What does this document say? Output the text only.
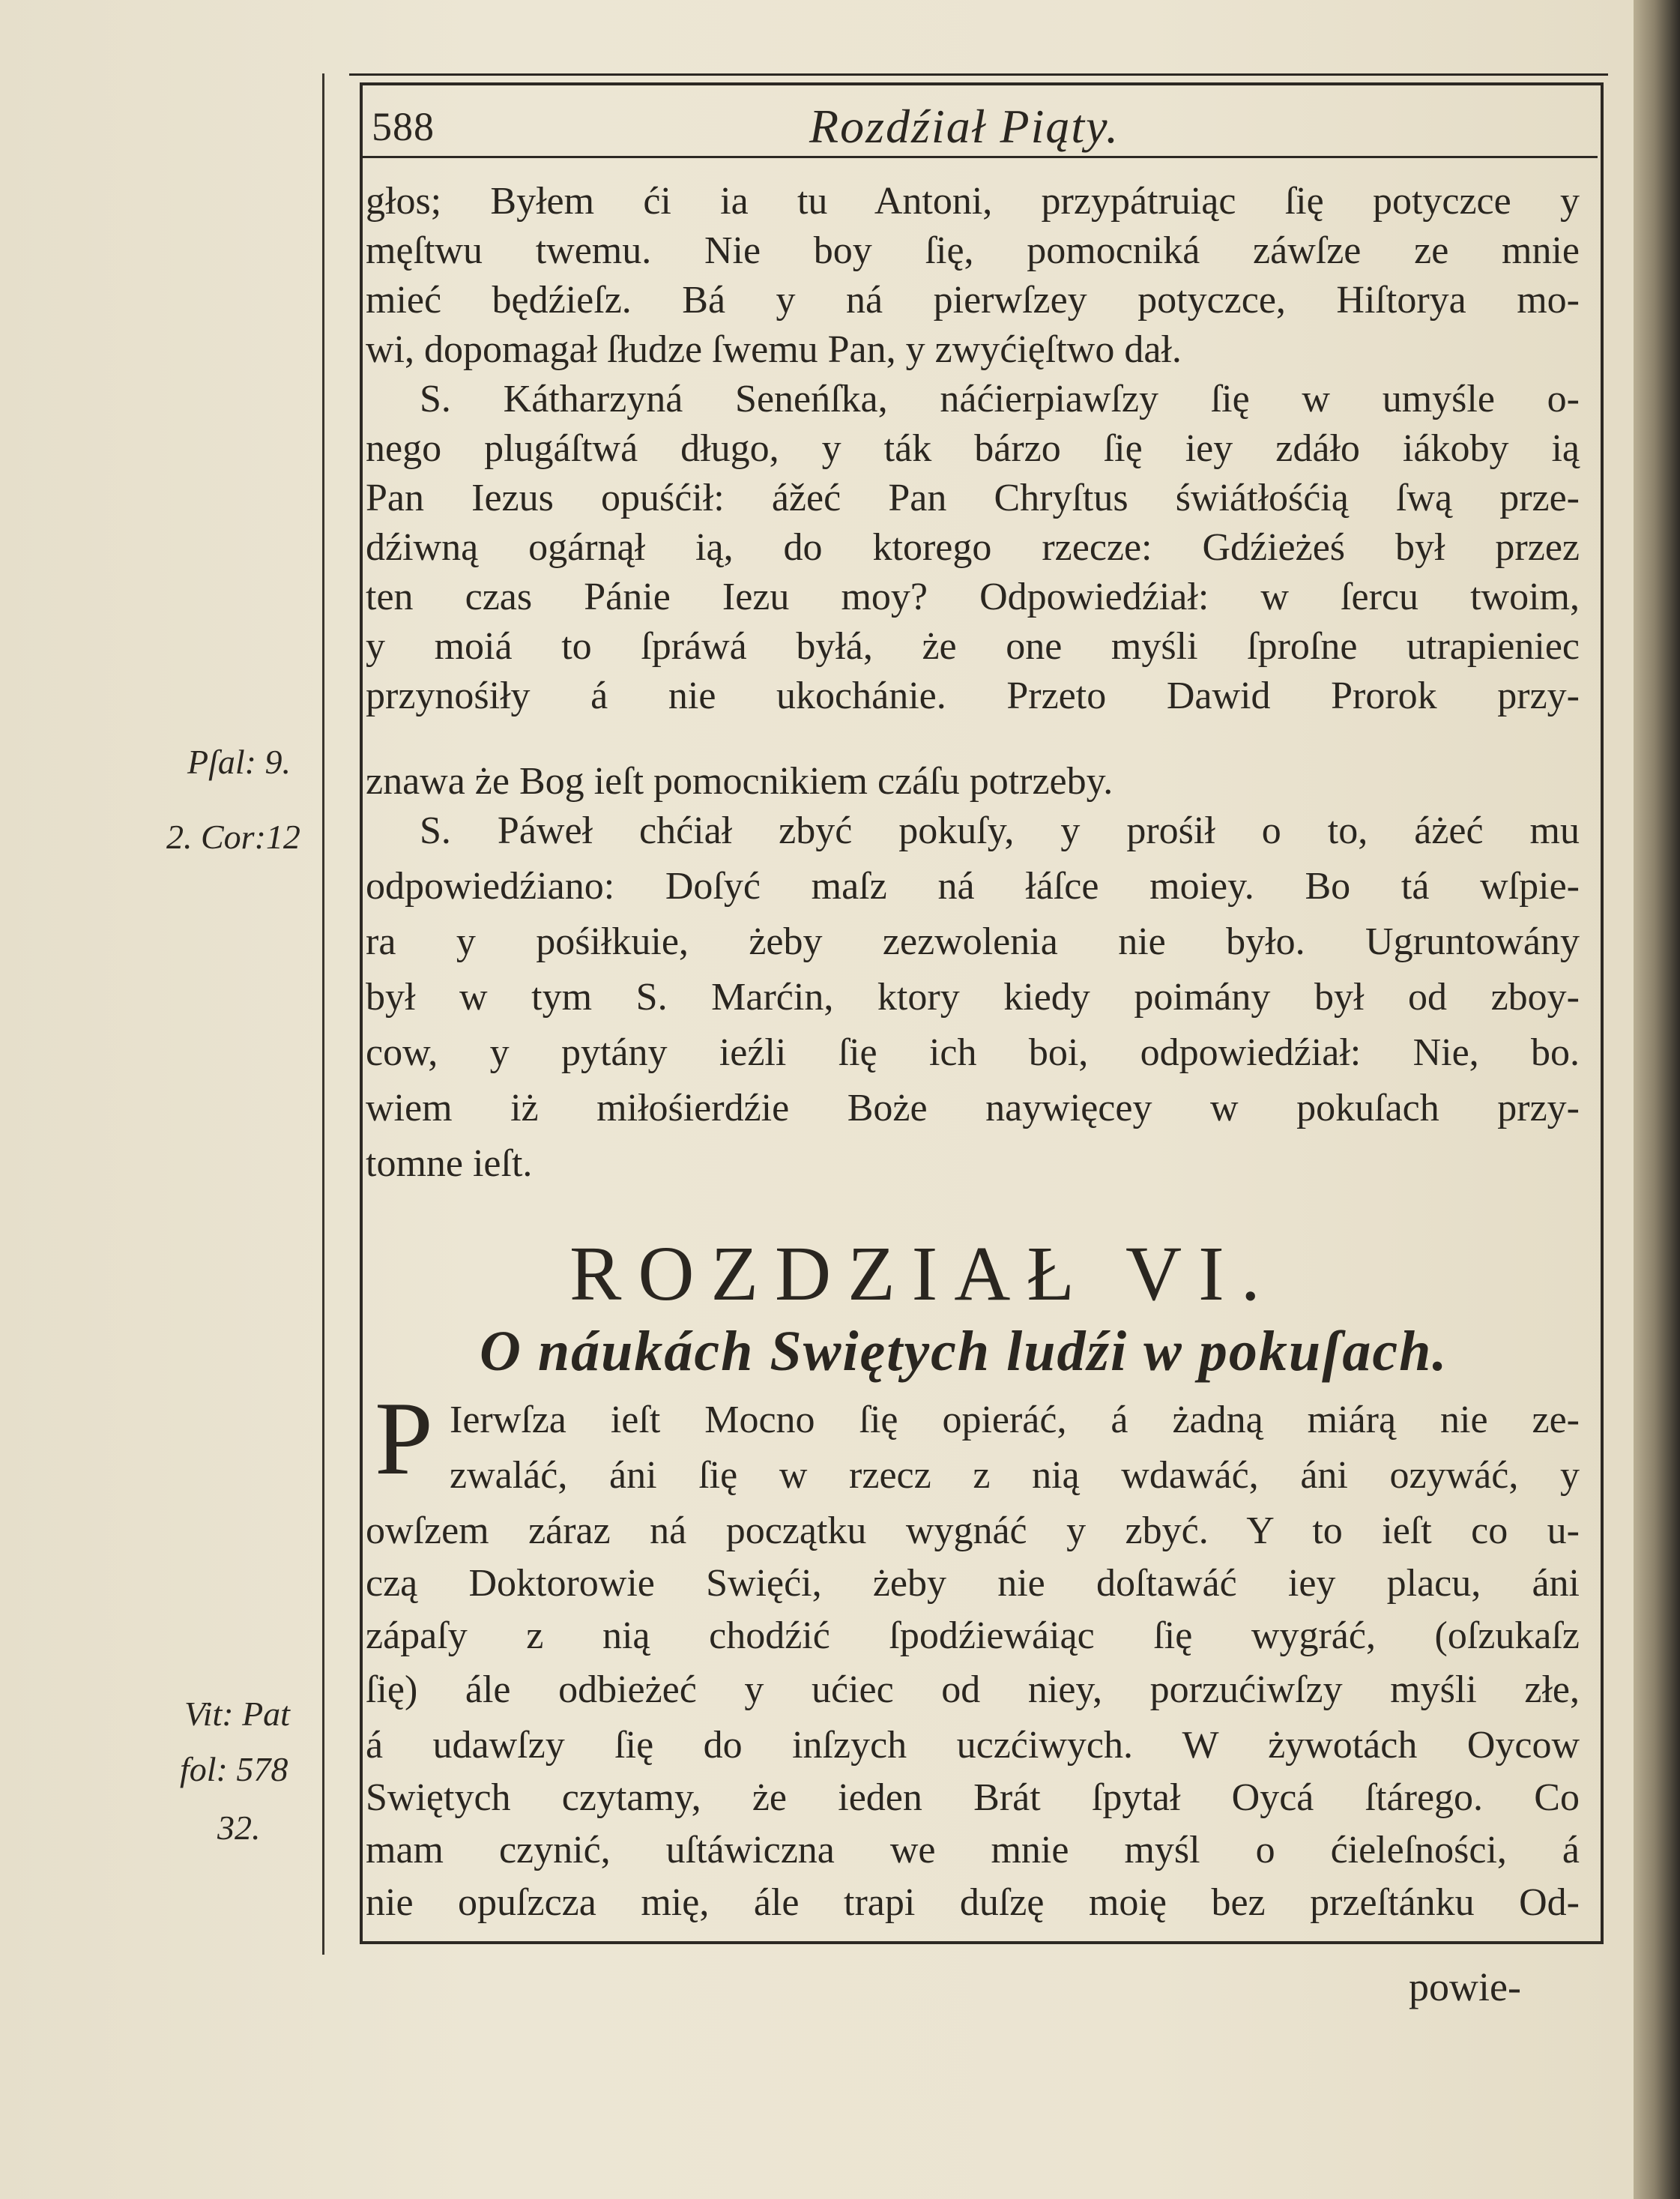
588	Rozdźiał Piąty.
Pſal: 9.
2. Cor:12
Vit: Pat
fol: 578
32.
głos; Byłem ći ia tu Antoni, przypátruiąc ſię potyczce y
męſtwu twemu. Nie boy ſię, pomocniká záwſze ze mnie
mieć będźieſz. Bá y ná pierwſzey potyczce, Hiſtorya mo-
wi, dopomagał ſłudze ſwemu Pan, y zwyćięſtwo dał.
S. Kátharzyná Seneńſka, náćierpiawſzy ſię w umyśle o-
nego plugáſtwá długo, y ták bárzo ſię iey zdáło iákoby ią
Pan Iezus opuśćił: ážeć Pan Chryſtus świátłośćią ſwą prze-
dźiwną ogárnął ią, do ktorego rzecze: Gdźieżeś był przez
ten czas Pánie Iezu moy? Odpowiedźiał: w ſercu twoim,
y moiá to ſpráwá byłá, że one myśli ſproſne utrapieniec
przynośiły á nie ukochánie. Przeto Dawid Prorok przy-
znawa że Bog ieſt pomocnikiem czáſu potrzeby.
S. Páweł chćiał zbyć pokuſy, y prośił o to, áżeć mu
odpowiedźiano: Doſyć maſz ná łáſce moiey. Bo tá wſpie-
ra y pośiłkuie, żeby zezwolenia nie było. Ugruntowány
był w tym S. Marćin, ktory kiedy poimány był od zboy-
cow, y pytány ieźli ſię ich boi, odpowiedźiał: Nie, bo.
wiem iż miłośierdźie Boże naywięcey w pokuſach przy-
tomne ieſt.
ROZDZIAŁ VI.
O náukách Swiętych ludźi w pokuſach.
P Ierwſza ieſt Mocno ſię opieráć, á żadną miárą nie ze-
zwaláć, áni ſię w rzecz z nią wdawáć, áni ozywáć, y
owſzem záraz ná początku wygnáć y zbyć. Y to ieſt co u-
czą Doktorowie Swięći, żeby nie doſtawáć iey placu, áni
zápaſy z nią chodźić ſpodźiewáiąc ſię wygráć, (oſzukaſz
ſię) ále odbieżeć y ućiec od niey, porzućiwſzy myśli złe,
á udawſzy ſię do inſzych uczćiwych. W żywotách Oycow
Swiętych czytamy, że ieden Brát ſpytał Oycá ſtárego. Co
mam czynić, uſtáwiczna we mnie myśl o ćieleſności, á
nie opuſzcza mię, ále trapi duſzę moię bez przeſtánku Od-
powie-
